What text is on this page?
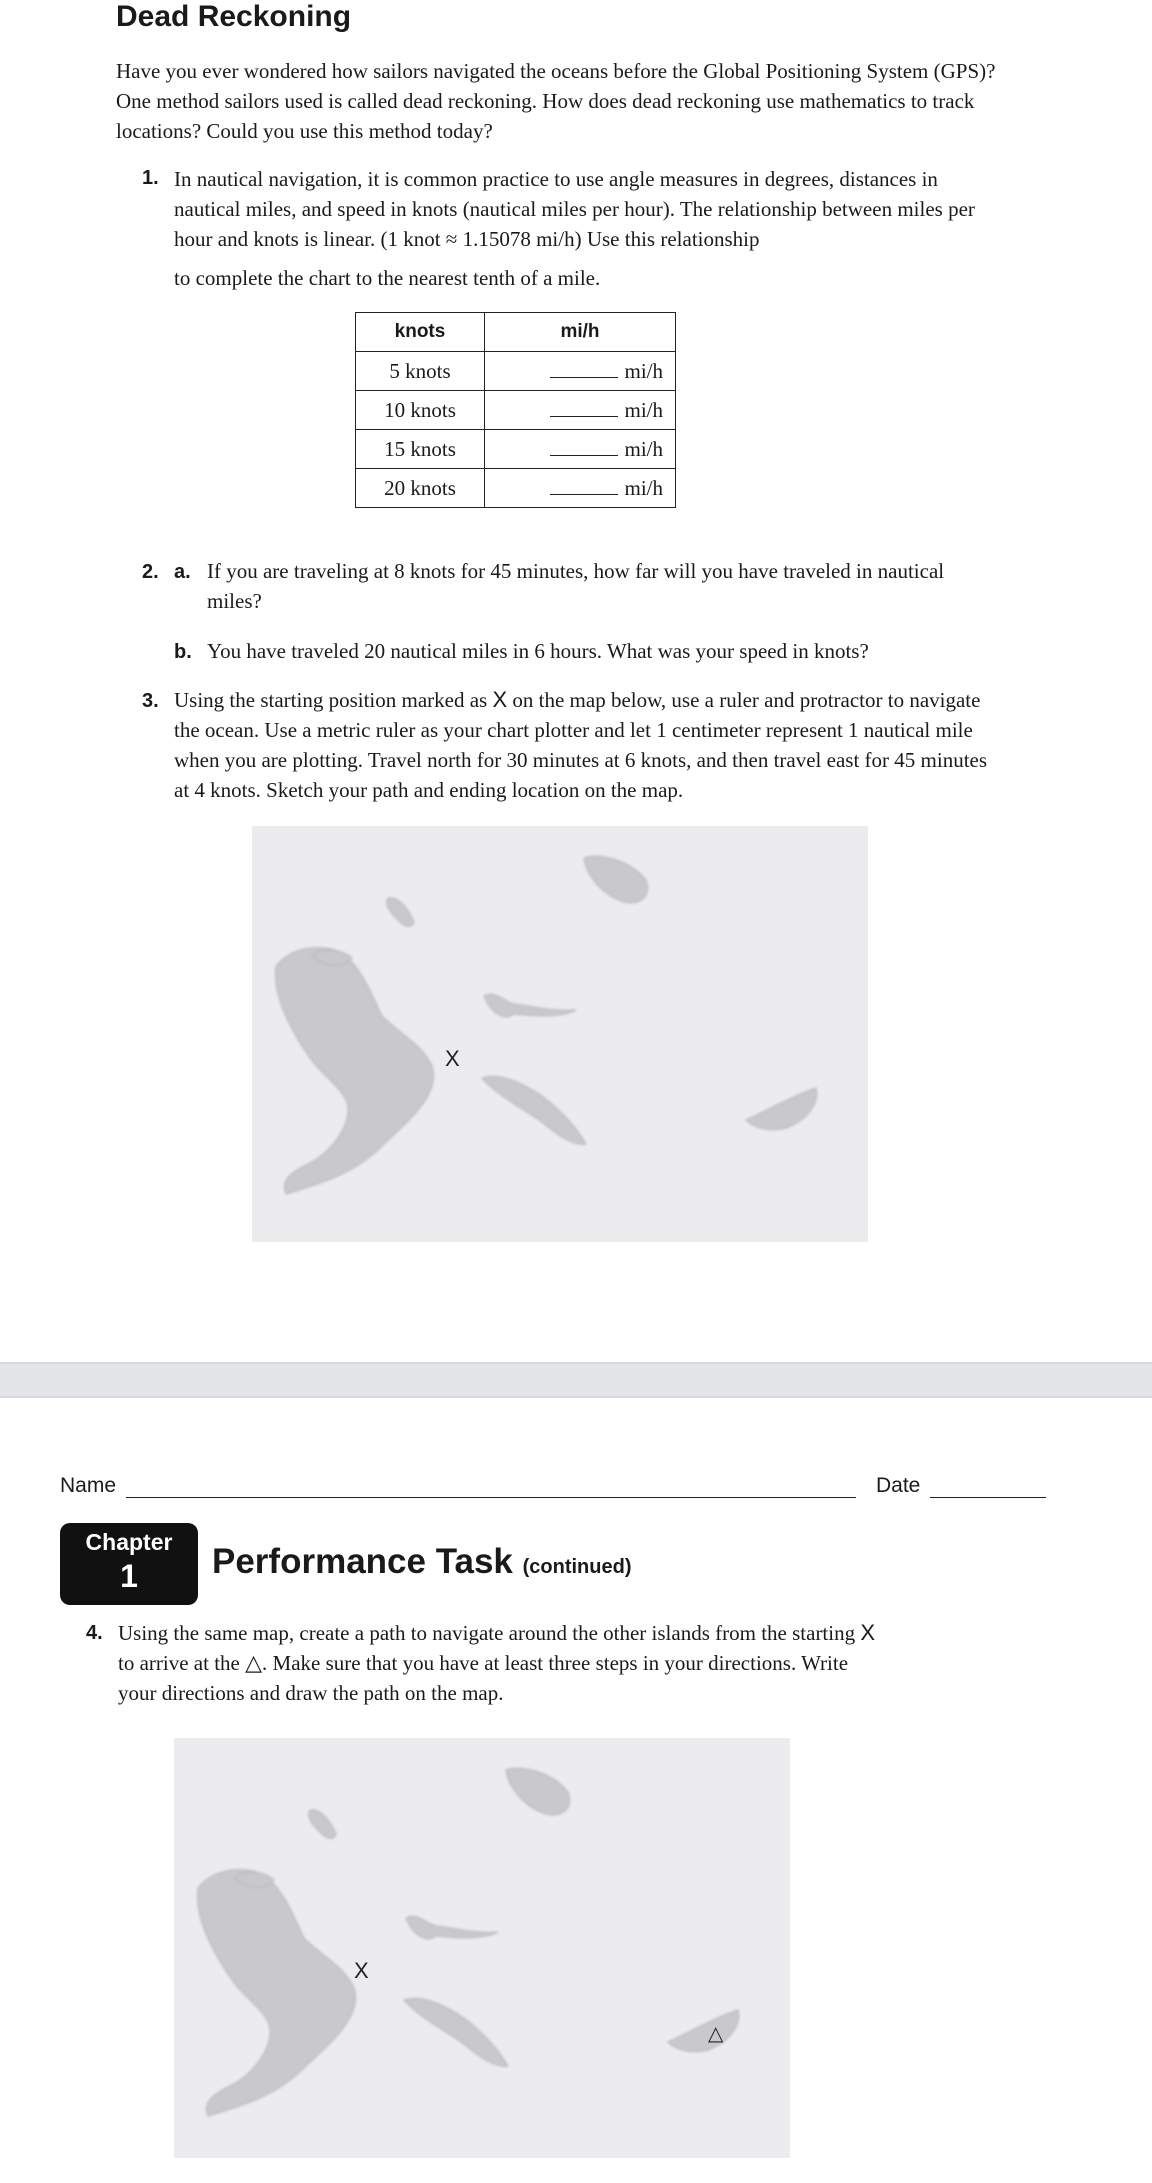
Dead Reckoning
Have you ever wondered how sailors navigated the oceans before the Global Positioning System (GPS)? One method sailors used is called dead reckoning. How does dead reckoning use mathematics to track locations? Could you use this method today?
1. In nautical navigation, it is common practice to use angle measures in degrees, distances in nautical miles, and speed in knots (nautical miles per hour). The relationship between miles per hour and knots is linear. (1 knot ≈ 1.15078 mi/h) Use this relationship
to complete the chart to the nearest tenth of a mile.
knots	mi/h
5 knots	mi/h
10 knots	mi/h
15 knots	mi/h
20 knots	mi/h
2. a. If you are traveling at 8 knots for 45 minutes, how far will you have traveled in nautical miles?
b. You have traveled 20 nautical miles in 6 hours. What was your speed in knots?
3. Using the starting position marked as X on the map below, use a ruler and protractor to navigate the ocean. Use a metric ruler as your chart plotter and let 1 centimeter represent 1 nautical mile when you are plotting. Travel north for 30 minutes at 6 knots, and then travel east for 45 minutes at 4 knots. Sketch your path and ending location on the map.
X
Name	Date
Chapter
1	Performance Task (continued)
4. Using the same map, create a path to navigate around the other islands from the starting X to arrive at the △. Make sure that you have at least three steps in your directions. Write your directions and draw the path on the map.
X
△
